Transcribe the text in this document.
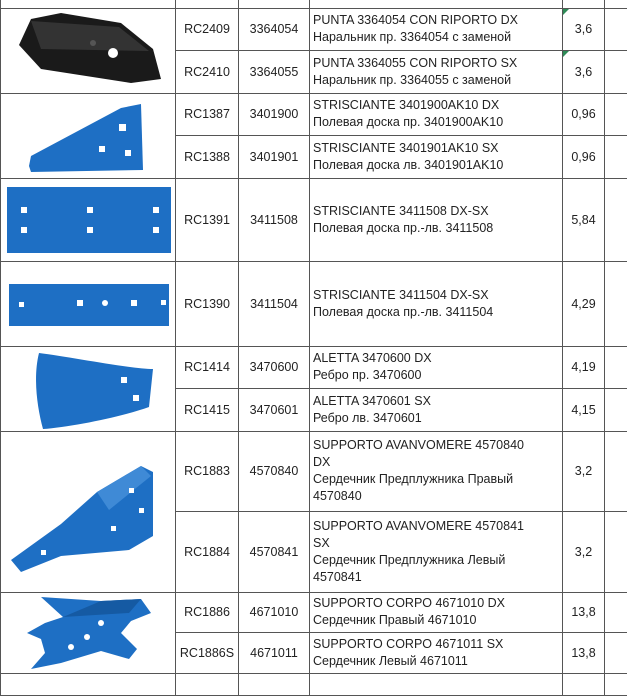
	RC2409	3364054	PUNTA 3364054 CON RIPORTO DX
Наральник пр. 3364054 с заменой	3,6	
	RC2410	3364055	PUNTA 3364055 CON RIPORTO SX
Наральник пр. 3364055 с заменой	3,6	

	RC1387	3401900	STRISCIANTE 3401900AK10 DX
Полевая доска пр. 3401900AK10	0,96	
	RC1388	3401901	STRISCIANTE 3401901AK10 SX
Полевая доска лв. 3401901AK10	0,96	

	RC1391	3411508	STRISCIANTE 3411508 DX-SX
Полевая доска пр.-лв. 3411508	5,84	

	RC1390	3411504	STRISCIANTE 3411504 DX-SX
Полевая доска пр.-лв. 3411504	4,29	

	RC1414	3470600	ALETTA 3470600 DX
Ребро пр. 3470600	4,19	
	RC1415	3470601	ALETTA 3470601 SX
Ребро лв. 3470601	4,15	

	RC1883	4570840	SUPPORTO AVANVOMERE 4570840
DX
Сердечник Предплужника Правый
4570840	3,2	
	RC1884	4570841	SUPPORTO AVANVOMERE 4570841
SX
Сердечник Предплужника Левый
4570841	3,2	

	RC1886	4671010	SUPPORTO CORPO 4671010 DX
Сердечник Правый 4671010	13,8	
	RC1886S	4671011	SUPPORTO CORPO 4671011 SX
Сердечник Левый 4671011	13,8	
